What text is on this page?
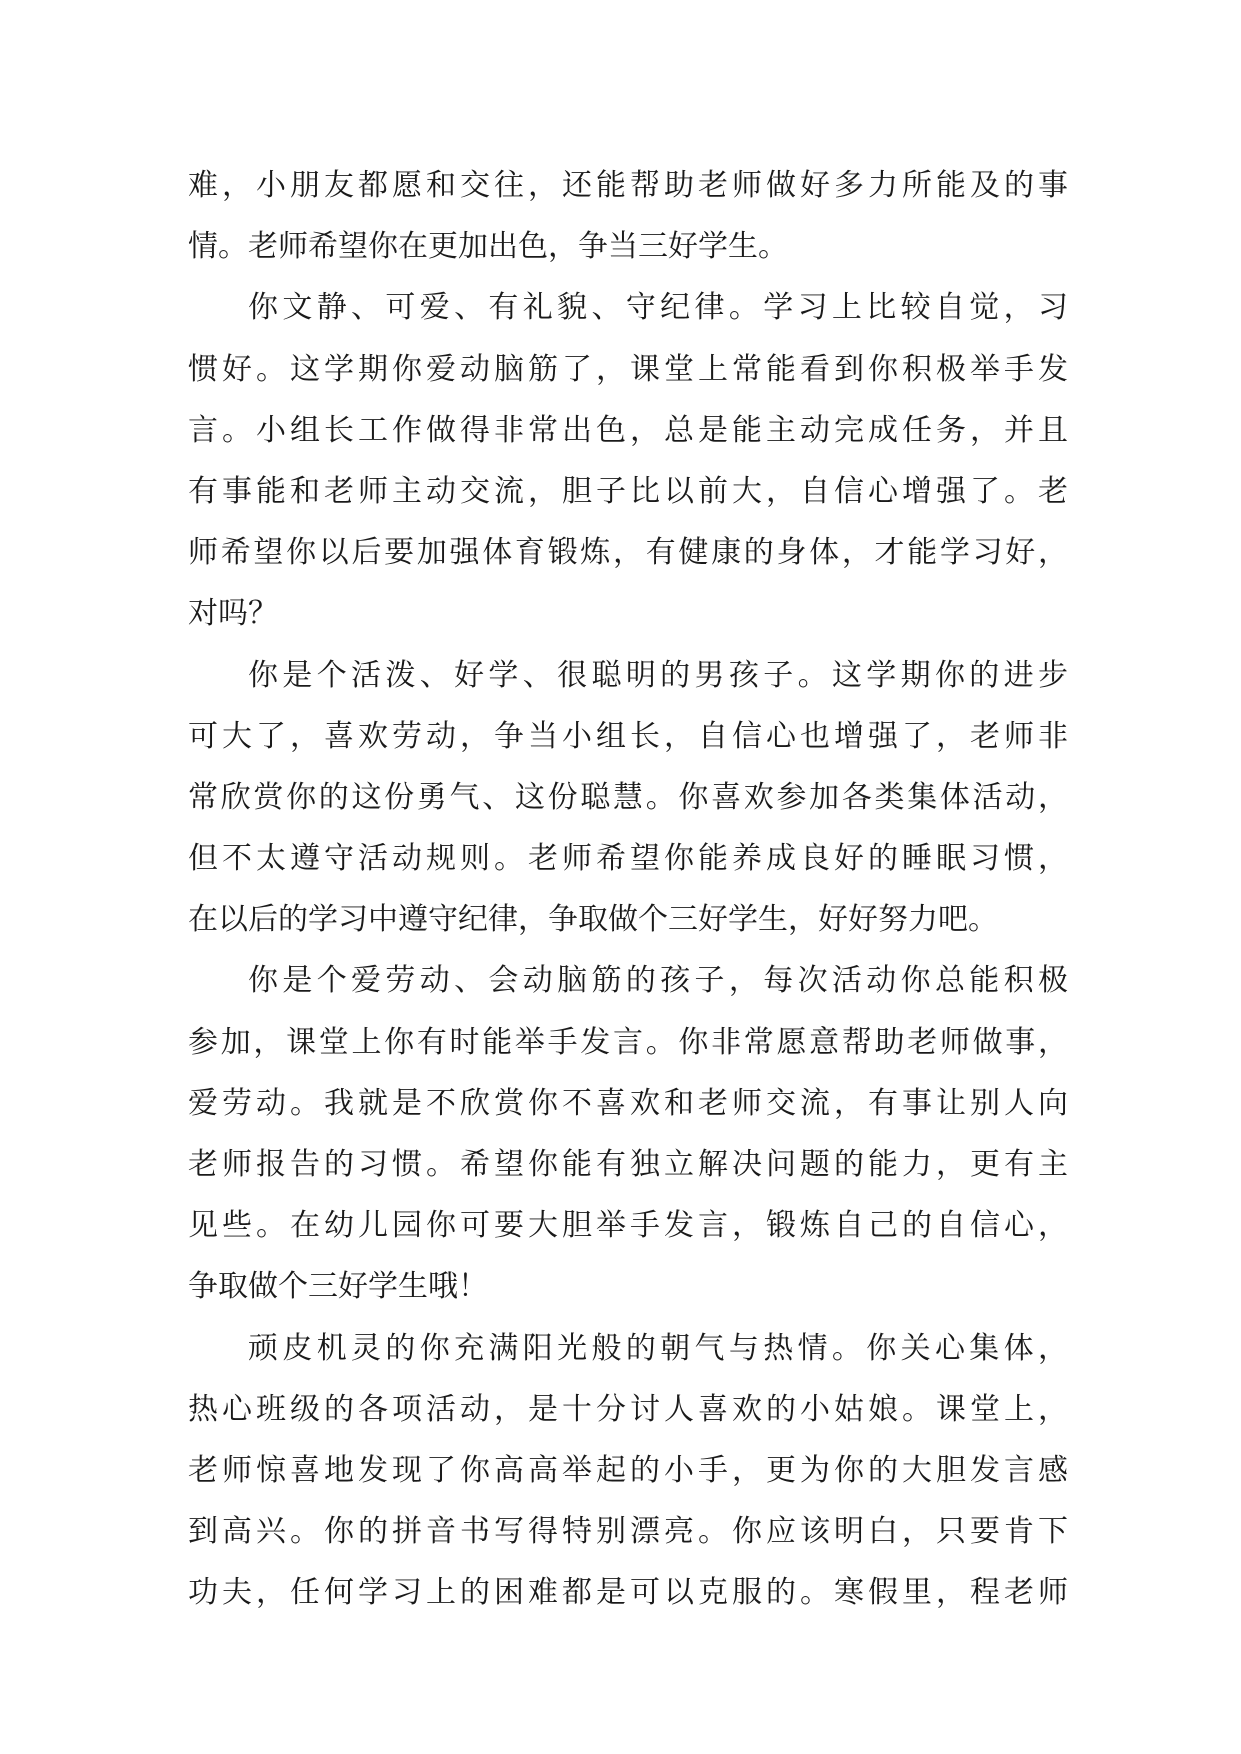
难，小朋友都愿和交往，还能帮助老师做好多力所能及的事
情。老师希望你在更加出色，争当三好学生。
你文静、可爱、有礼貌、守纪律。学习上比较自觉，习
惯好。这学期你爱动脑筋了，课堂上常能看到你积极举手发
言。小组长工作做得非常出色，总是能主动完成任务，并且
有事能和老师主动交流，胆子比以前大，自信心增强了。老
师希望你以后要加强体育锻炼，有健康的身体，才能学习好，
对吗？
你是个活泼、好学、很聪明的男孩子。这学期你的进步
可大了，喜欢劳动，争当小组长，自信心也增强了，老师非
常欣赏你的这份勇气、这份聪慧。你喜欢参加各类集体活动，
但不太遵守活动规则。老师希望你能养成良好的睡眠习惯，
在以后的学习中遵守纪律，争取做个三好学生，好好努力吧。
你是个爱劳动、会动脑筋的孩子，每次活动你总能积极
参加，课堂上你有时能举手发言。你非常愿意帮助老师做事，
爱劳动。我就是不欣赏你不喜欢和老师交流，有事让别人向
老师报告的习惯。希望你能有独立解决问题的能力，更有主
见些。在幼儿园你可要大胆举手发言，锻炼自己的自信心，
争取做个三好学生哦！
顽皮机灵的你充满阳光般的朝气与热情。你关心集体，
热心班级的各项活动，是十分讨人喜欢的小姑娘。课堂上，
老师惊喜地发现了你高高举起的小手，更为你的大胆发言感
到高兴。你的拼音书写得特别漂亮。你应该明白，只要肯下
功夫，任何学习上的困难都是可以克服的。寒假里，程老师
